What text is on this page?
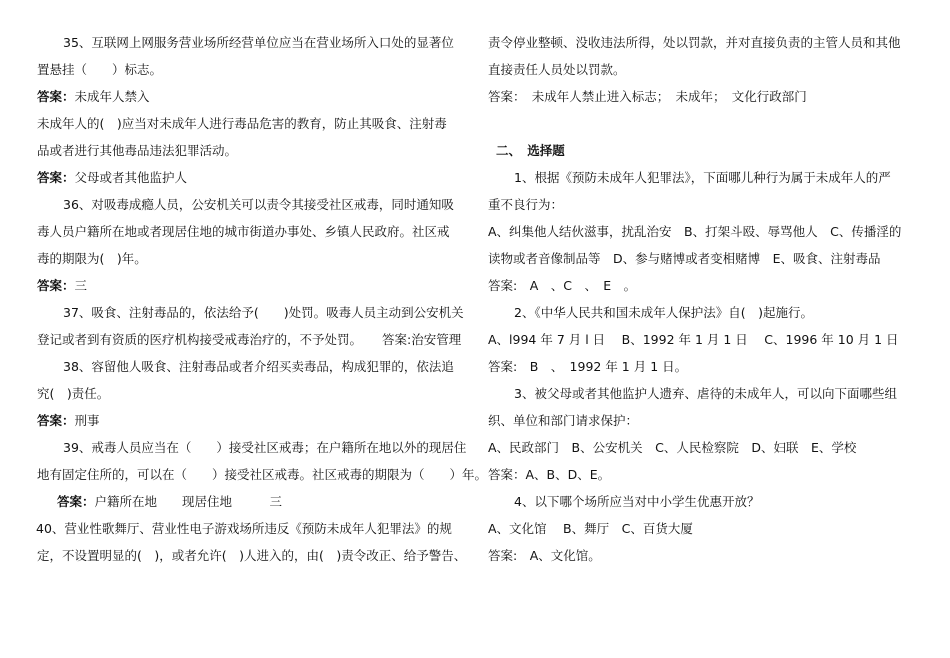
35、互联网上网服务营业场所经营单位应当在营业场所入口处的显著位
置悬挂（　　）标志。
答案：未成年人禁入
未成年人的(　)应当对未成年人进行毒品危害的教育，防止其吸食、注射毒
品或者进行其他毒品违法犯罪活动。
答案：父母或者其他监护人
36、对吸毒成瘾人员，公安机关可以责令其接受社区戒毒，同时通知吸
毒人员户籍所在地或者现居住地的城市街道办事处、乡镇人民政府。社区戒
毒的期限为(　)年。
答案：三
37、吸食、注射毒品的，依法给予(　　)处罚。吸毒人员主动到公安机关
登记或者到有资质的医疗机构接受戒毒治疗的，不予处罚。 答案:治安管理
38、容留他人吸食、注射毒品或者介绍买卖毒品，构成犯罪的，依法追
究(　)责任。
答案：刑事
39、戒毒人员应当在（　　）接受社区戒毒；在户籍所在地以外的现居住
地有固定住所的，可以在（　　）接受社区戒毒。社区戒毒的期限为（　　）年。
答案：户籍所在地　　现居住地　　　三
40、营业性歌舞厅、营业性电子游戏场所违反《预防未成年人犯罪法》的规
定，不设置明显的(　)，或者允许(　)人进入的，由(　)责令改正、给予警告、
责令停业整顿、没收违法所得，处以罚款，并对直接负责的主管人员和其他
直接责任人员处以罚款。
答案：　未成年人禁止进入标志；　未成年；　文化行政部门
二、　选择题
1、根据《预防未成年人犯罪法》，下面哪儿种行为属于未成年人的严
重不良行为：
A、纠集他人结伙滋事，扰乱治安　B、打架斗殴、辱骂他人　C、传播淫的
读物或者音像制品等　D、参与赌博或者变相赌博　E、吸食、注射毒品
答案:　A　、C　、　E　。
2、《中华人民共和国未成年人保护法》自(　)起施行。
A、l994 年 7 月 l 日　 B、1992 年 1 月 1 日　 C、1996 年 10 月 1 日
答案:　B　、　1992 年 1 月 1 日。
3、被父母或者其他监护人遗弃、虐待的未成年人，可以向下面哪些组
织、单位和部门请求保护：
A、民政部门　B、公安机关　C、人民检察院　D、妇联　E、学校
答案：A、B、D、E。
4、以下哪个场所应当对中小学生优惠开放？
A、文化馆　 B、舞厅　C、百货大厦
答案:　A、文化馆。
